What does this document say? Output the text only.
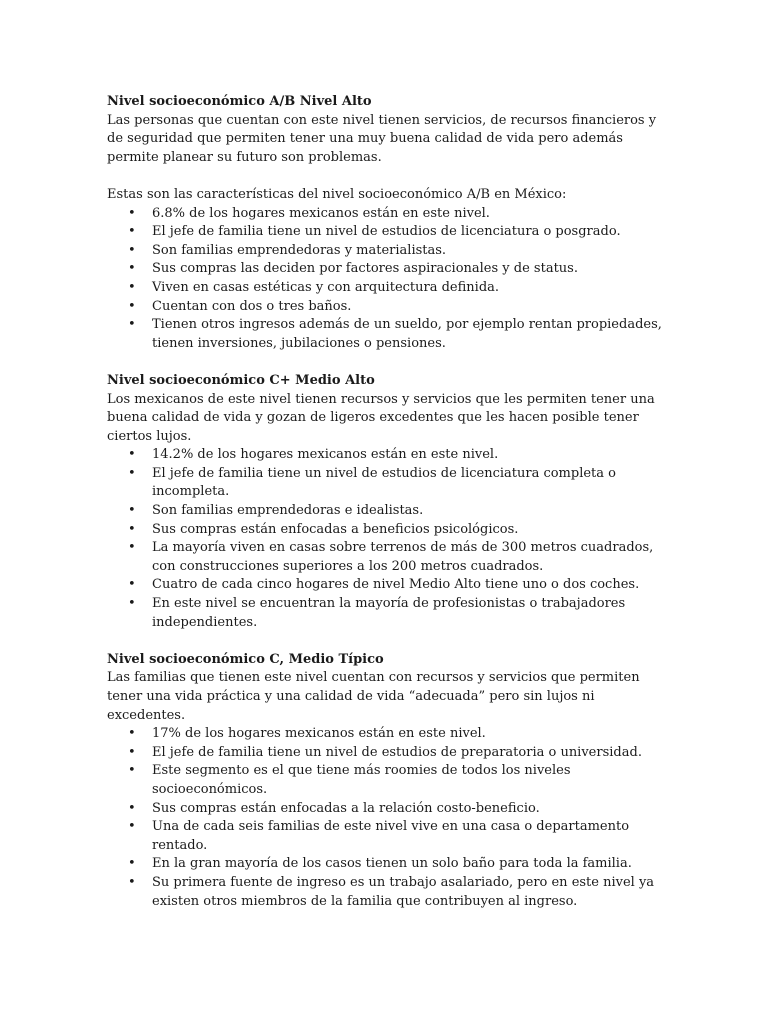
Nivel socioeconómico A/B Nivel Alto

Las personas que cuentan con este nivel tienen servicios, de recursos financieros y de seguridad que permiten tener una muy buena calidad de vida pero además permite planear su futuro son problemas.

Estas son las características del nivel socioeconómico A/B en México:

• 6.8% de los hogares mexicanos están en este nivel.
• El jefe de familia tiene un nivel de estudios de licenciatura o posgrado.
• Son familias emprendedoras y materialistas.
• Sus compras las deciden por factores aspiracionales y de status.
• Viven en casas estéticas y con arquitectura definida.
• Cuentan con dos o tres baños.
• Tienen otros ingresos además de un sueldo, por ejemplo rentan propiedades, tienen inversiones, jubilaciones o pensiones.

Nivel socioeconómico C+ Medio Alto

Los mexicanos de este nivel tienen recursos y servicios que les permiten tener una buena calidad de vida y gozan de ligeros excedentes que les hacen posible tener ciertos lujos.

• 14.2% de los hogares mexicanos están en este nivel.
• El jefe de familia tiene un nivel de estudios de licenciatura completa o incompleta.
• Son familias emprendedoras e idealistas.
• Sus compras están enfocadas a beneficios psicológicos.
• La mayoría viven en casas sobre terrenos de más de 300 metros cuadrados, con construcciones superiores a los 200 metros cuadrados.
• Cuatro de cada cinco hogares de nivel Medio Alto tiene uno o dos coches.
• En este nivel se encuentran la mayoría de profesionistas o trabajadores independientes.

Nivel socioeconómico C, Medio Típico

Las familias que tienen este nivel cuentan con recursos y servicios que permiten tener una vida práctica y una calidad de vida “adecuada” pero sin lujos ni excedentes.

• 17% de los hogares mexicanos están en este nivel.
• El jefe de familia tiene un nivel de estudios de preparatoria o universidad.
• Este segmento es el que tiene más roomies de todos los niveles socioeconómicos.
• Sus compras están enfocadas a la relación costo-beneficio.
• Una de cada seis familias de este nivel vive en una casa o departamento rentado.
• En la gran mayoría de los casos tienen un solo baño para toda la familia.
• Su primera fuente de ingreso es un trabajo asalariado, pero en este nivel ya existen otros miembros de la familia que contribuyen al ingreso.
